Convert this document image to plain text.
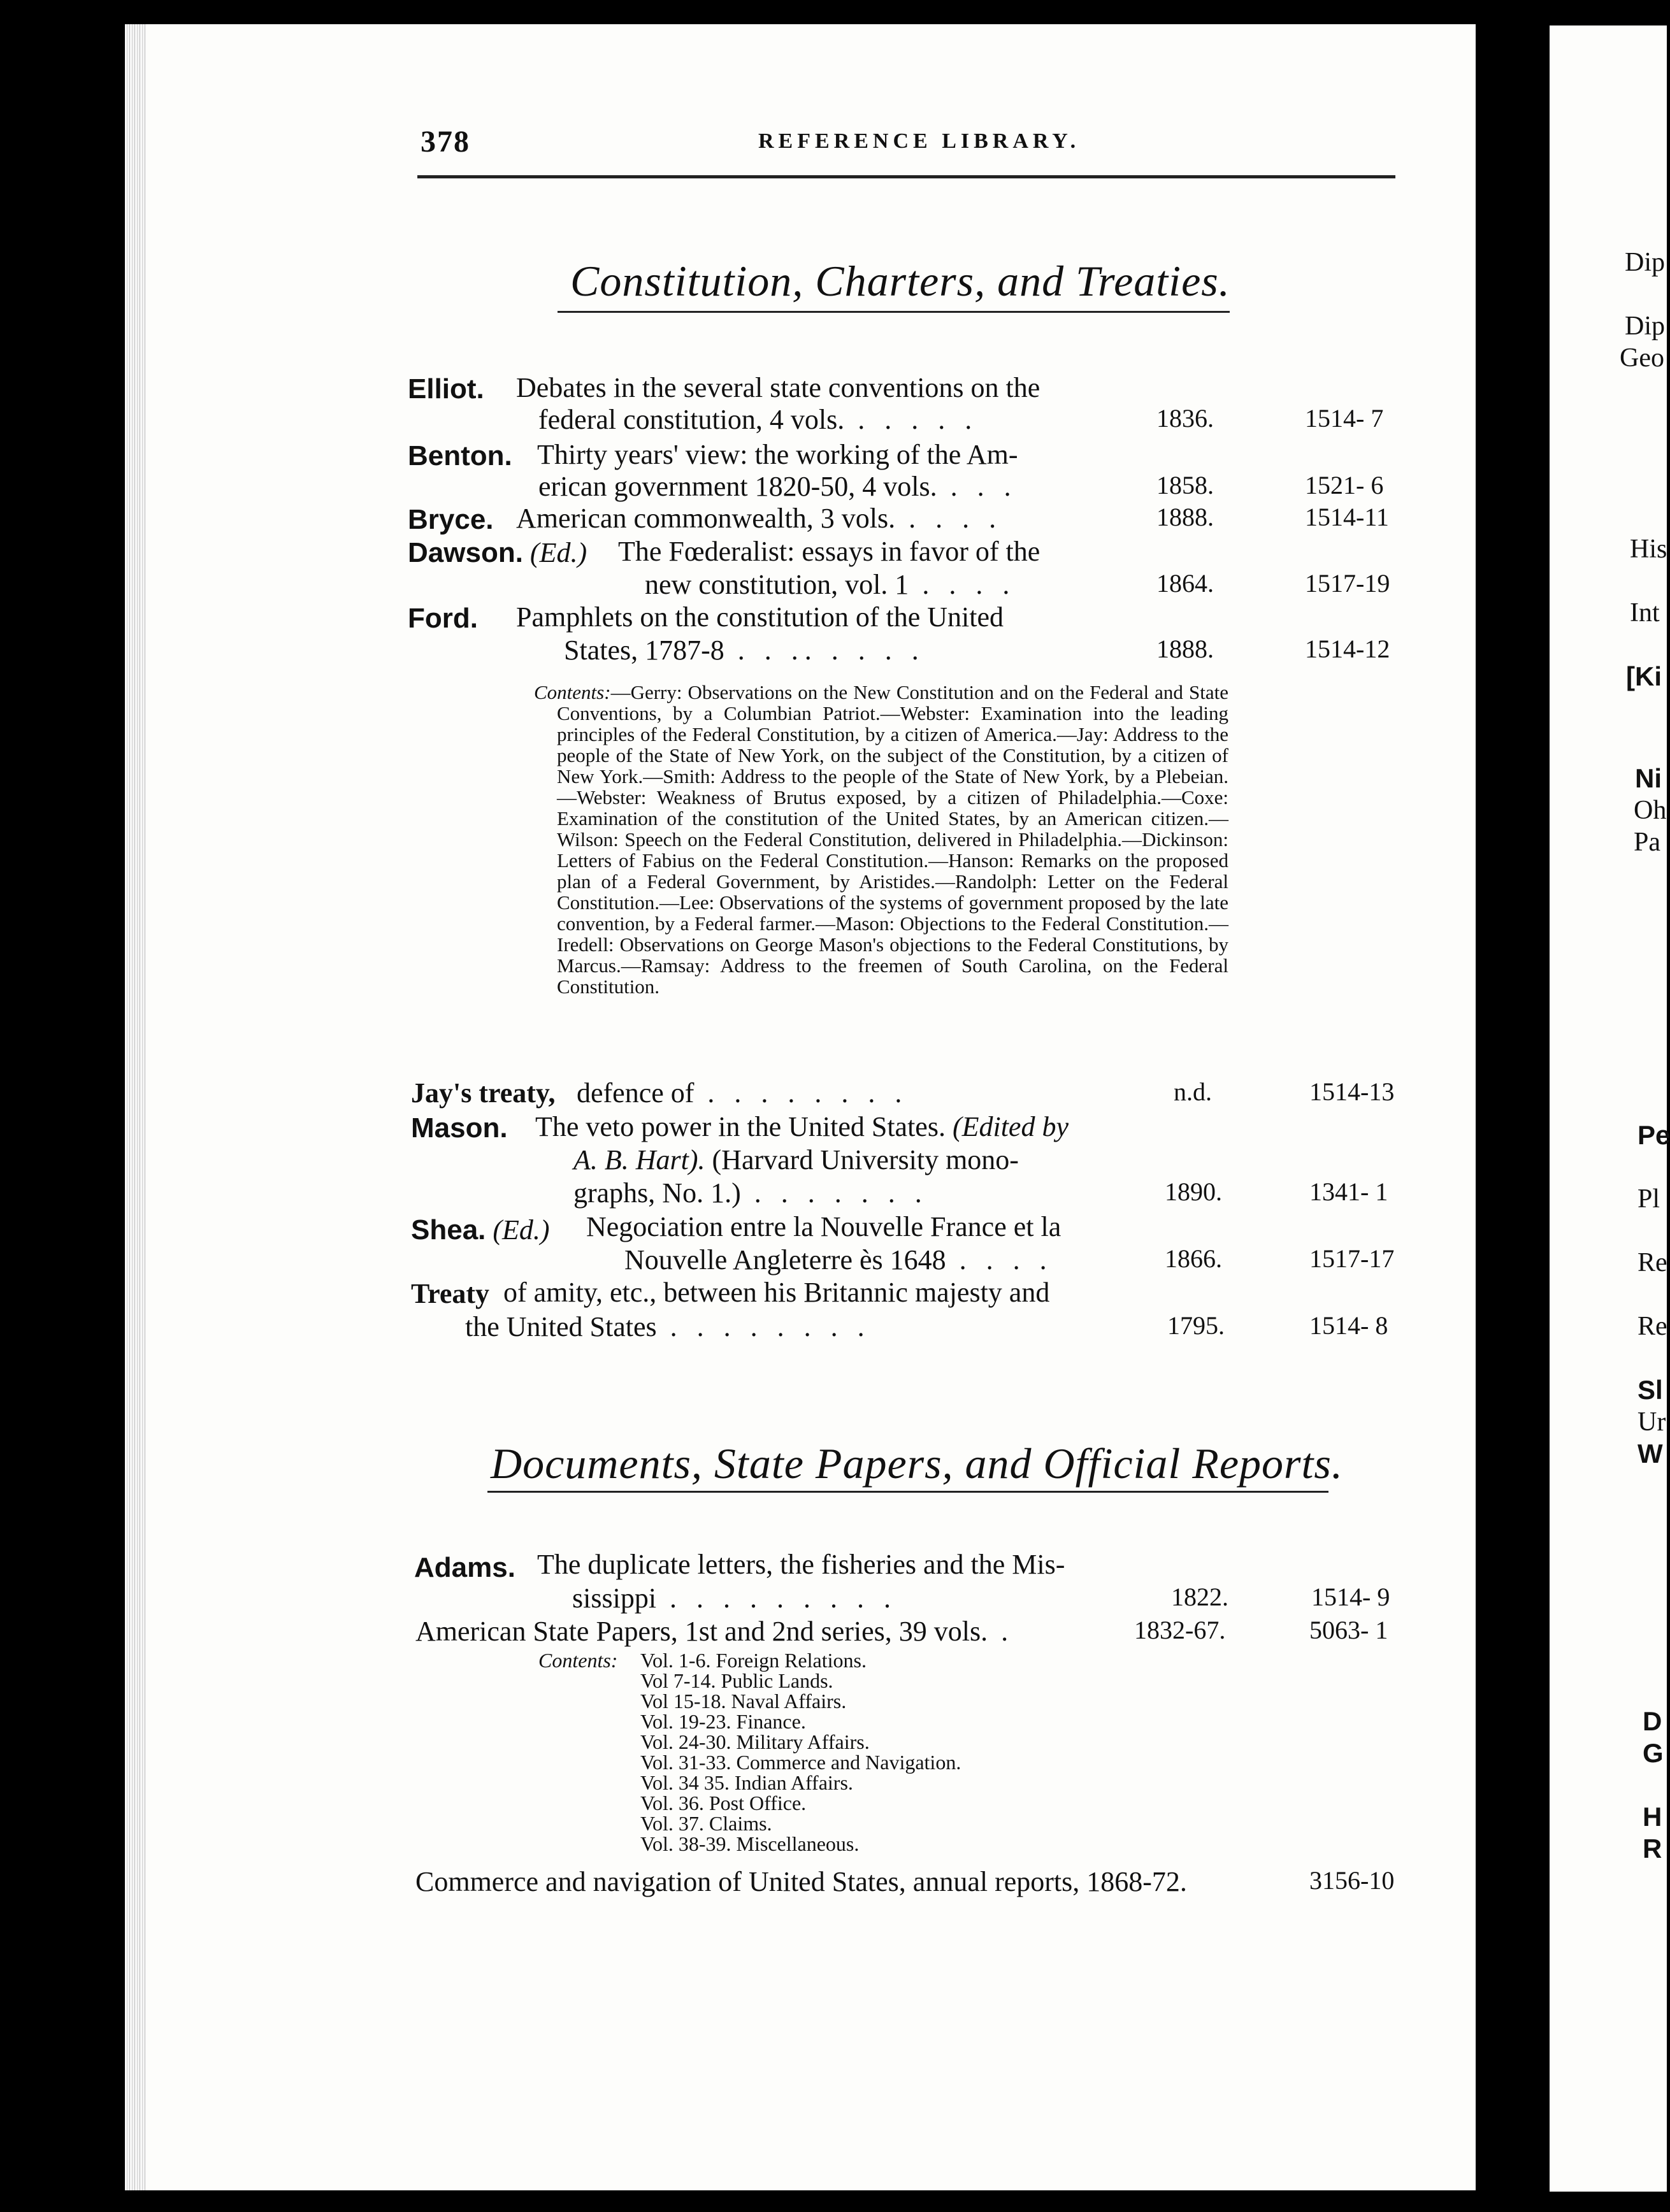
378	REFERENCE LIBRARY.
Constitution, Charters, and Treaties.
Elliot. Debates in the several state conventions on the
federal constitution, 4 vols. . . . . .	1836.	1514- 7
Benton. Thirty years' view: the working of the Am-
erican government 1820-50, 4 vols. . . .	1858.	1521- 6
Bryce. American commonwealth, 3 vols. . . . .	1888.	1514-11
Dawson. (Ed.) The Fœderalist: essays in favor of the
new constitution, vol. 1 . . . .	1864.	1517-19
Ford. Pamphlets on the constitution of the United
States, 1787-8 . . .. . . . .	1888.	1514-12
Contents:—Gerry: Observations on the New Constitution and on the Federal and State Conventions, by a Columbian Patriot.—Webster: Examination into the leading principles of the Federal Constitution, by a citizen of America.—Jay: Address to the people of the State of New York, on the subject of the Constitution, by a citizen of New York.—Smith: Address to the people of the State of New York, by a Plebeian.—Webster: Weakness of Brutus exposed, by a citizen of Philadelphia.—Coxe: Examination of the constitution of the United States, by an American citizen.—Wilson: Speech on the Federal Constitution, delivered in Philadelphia.—Dickinson: Letters of Fabius on the Federal Constitution.—Hanson: Remarks on the proposed plan of a Federal Government, by Aristides.—Randolph: Letter on the Federal Constitution.—Lee: Observations of the systems of government proposed by the late convention, by a Federal farmer.—Mason: Objections to the Federal Constitution.—Iredell: Observations on George Mason's objections to the Federal Constitutions, by Marcus.—Ramsay: Address to the freemen of South Carolina, on the Federal Constitution.
Jay's treaty, defence of . . . . . . . .	n.d.	1514-13
Mason. The veto power in the United States. (Edited by
A. B. Hart). (Harvard University mono-
graphs, No. 1.) . . . . . . .	1890.	1341- 1
Shea. (Ed.) Negociation entre la Nouvelle France et la
Nouvelle Angleterre ès 1648 . . . .	1866.	1517-17
Treaty of amity, etc., between his Britannic majesty and
the United States . . . . . . . .	1795.	1514- 8
Documents, State Papers, and Official Reports.
Adams. The duplicate letters, the fisheries and the Mis-
sissippi . . . . . . . . .	1822.	1514- 9
American State Papers, 1st and 2nd series, 39 vols. .	1832-67.	5063- 1
Contents: Vol. 1-6. Foreign Relations.
Vol 7-14. Public Lands.
Vol 15-18. Naval Affairs.
Vol. 19-23. Finance.
Vol. 24-30. Military Affairs.
Vol. 31-33. Commerce and Navigation.
Vol. 34 35. Indian Affairs.
Vol. 36. Post Office.
Vol. 37. Claims.
Vol. 38-39. Miscellaneous.
Commerce and navigation of United States, annual reports, 1868-72.	3156-10
Dip
Dip
Geo
His
Int
[Ki
Ni
Oh
Pa
Pe
Pl
Re
Re
Sl
Ur
W
D
G
H
R
